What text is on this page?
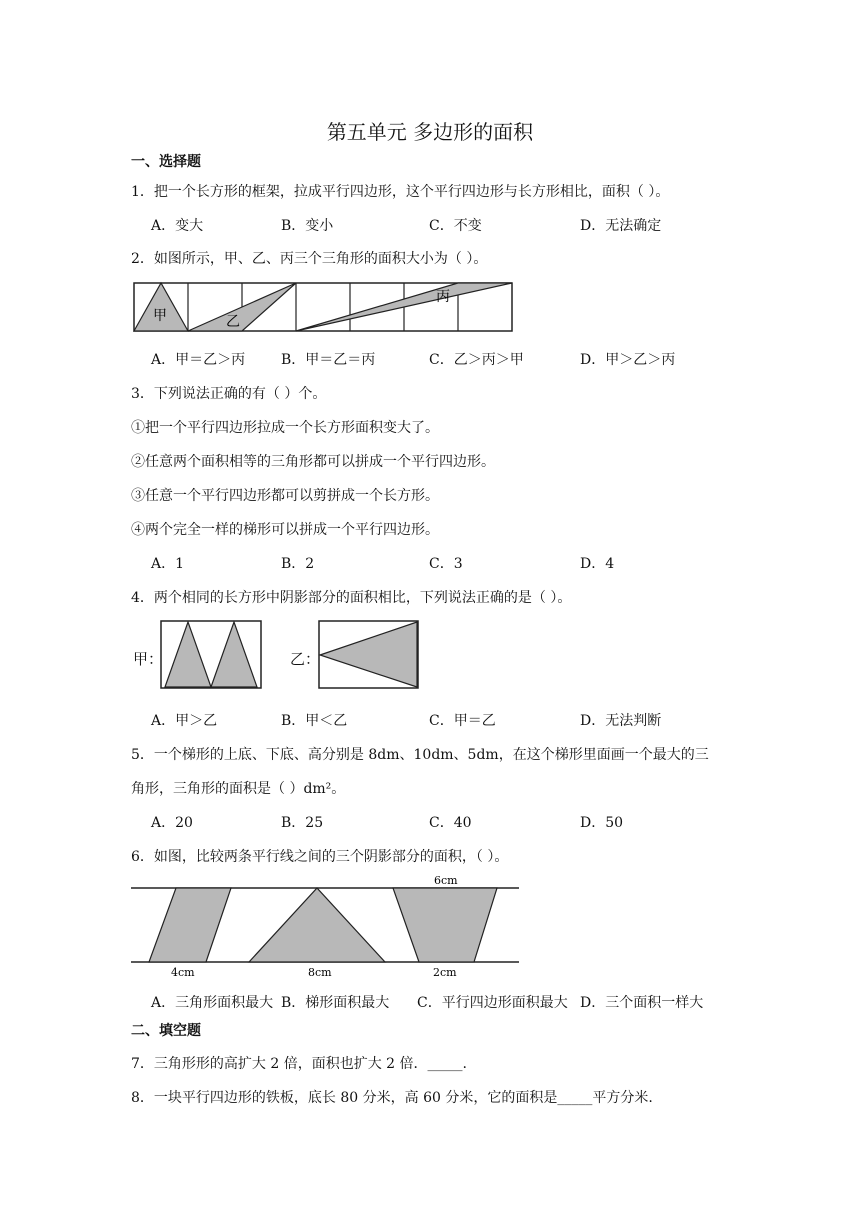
第五单元 多边形的面积
一、选择题
1．把一个长方形的框架，拉成平行四边形，这个平行四边形与长方形相比，面积（ ）。
A．变大	B．变小	C．不变	D．无法确定
2．如图所示，甲、乙、丙三个三角形的面积大小为（ ）。
甲	乙
丙
A．甲＝乙＞丙	B．甲＝乙＝丙	C．乙＞丙＞甲	D．甲＞乙＞丙
3．下列说法正确的有（ ）个。
①把一个平行四边形拉成一个长方形面积变大了。
②任意两个面积相等的三角形都可以拼成一个平行四边形。
③任意一个平行四边形都可以剪拼成一个长方形。
④两个完全一样的梯形可以拼成一个平行四边形。
A．1	B．2	C．3	D．4
4．两个相同的长方形中阴影部分的面积相比，下列说法正确的是（ ）。
甲：	乙：
A．甲＞乙	B．甲＜乙	C．甲＝乙	D．无法判断
5．一个梯形的上底、下底、高分别是 8dm、10dm、5dm，在这个梯形里面画一个最大的三
角形，三角形的面积是（ ）dm²。
A．20	B．25	C．40	D．50
6．如图，比较两条平行线之间的三个阴影部分的面积，（ ）。
6cm
4cm	8cm	2cm
A．三角形面积最大 B．梯形面积最大 C．平行四边形面积最大 D．三个面积一样大
二、填空题
7．三角形形的高扩大 2 倍，面积也扩大 2 倍．_____.
8．一块平行四边形的铁板，底长 80 分米，高 60 分米，它的面积是_____平方分米.
